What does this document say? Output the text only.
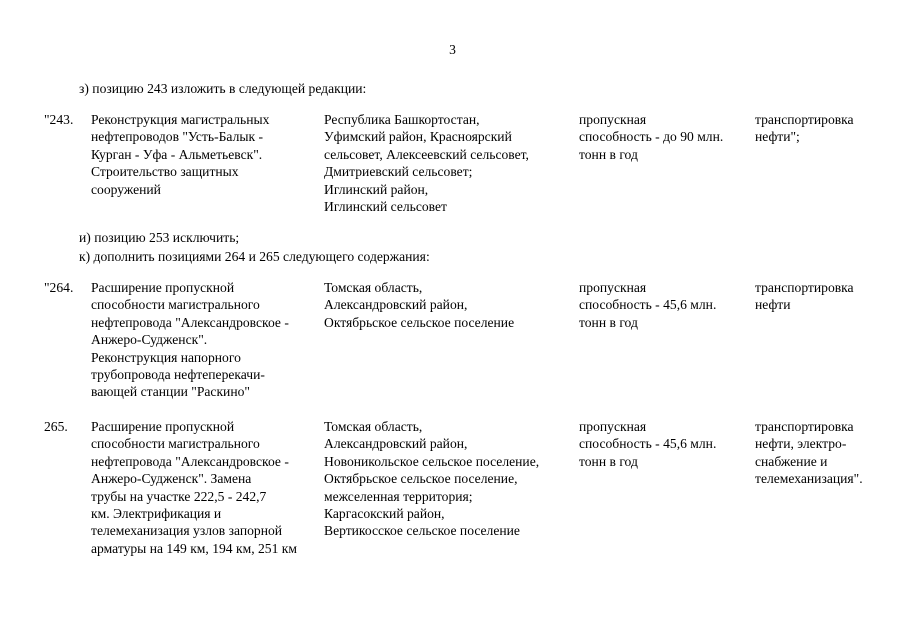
3
з) позицию 243 изложить в следующей редакции:
"243. Реконструкция магистральных
нефтепроводов "Усть-Балык -
Курган - Уфа - Альметьевск".
Строительство защитных
сооружений
Республика Башкортостан,
Уфимский район, Красноярский
сельсовет, Алексеевский сельсовет,
Дмитриевский сельсовет;
Иглинский район,
Иглинский сельсовет
пропускная
способность - до 90 млн.
тонн в год
транспортировка
нефти";
и) позицию 253 исключить;
к) дополнить позициями 264 и 265 следующего содержания:
"264. Расширение пропускной
способности магистрального
нефтепровода "Александровское -
Анжеро-Судженск".
Реконструкция напорного
трубопровода нефтеперекачи-
вающей станции "Раскино"
Томская область,
Александровский район,
Октябрьское сельское поселение
пропускная
способность - 45,6 млн.
тонн в год
транспортировка
нефти
265. Расширение пропускной
способности магистрального
нефтепровода "Александровское -
Анжеро-Судженск". Замена
трубы на участке 222,5 - 242,7
км. Электрификация и
телемеханизация узлов запорной
арматуры на 149 км, 194 км, 251 км
Томская область,
Александровский район,
Новоникольское сельское поселение,
Октябрьское сельское поселение,
межселенная территория;
Каргасокский район,
Вертикосское сельское поселение
пропускная
способность - 45,6 млн.
тонн в год
транспортировка
нефти, электро-
снабжение и
телемеханизация".
